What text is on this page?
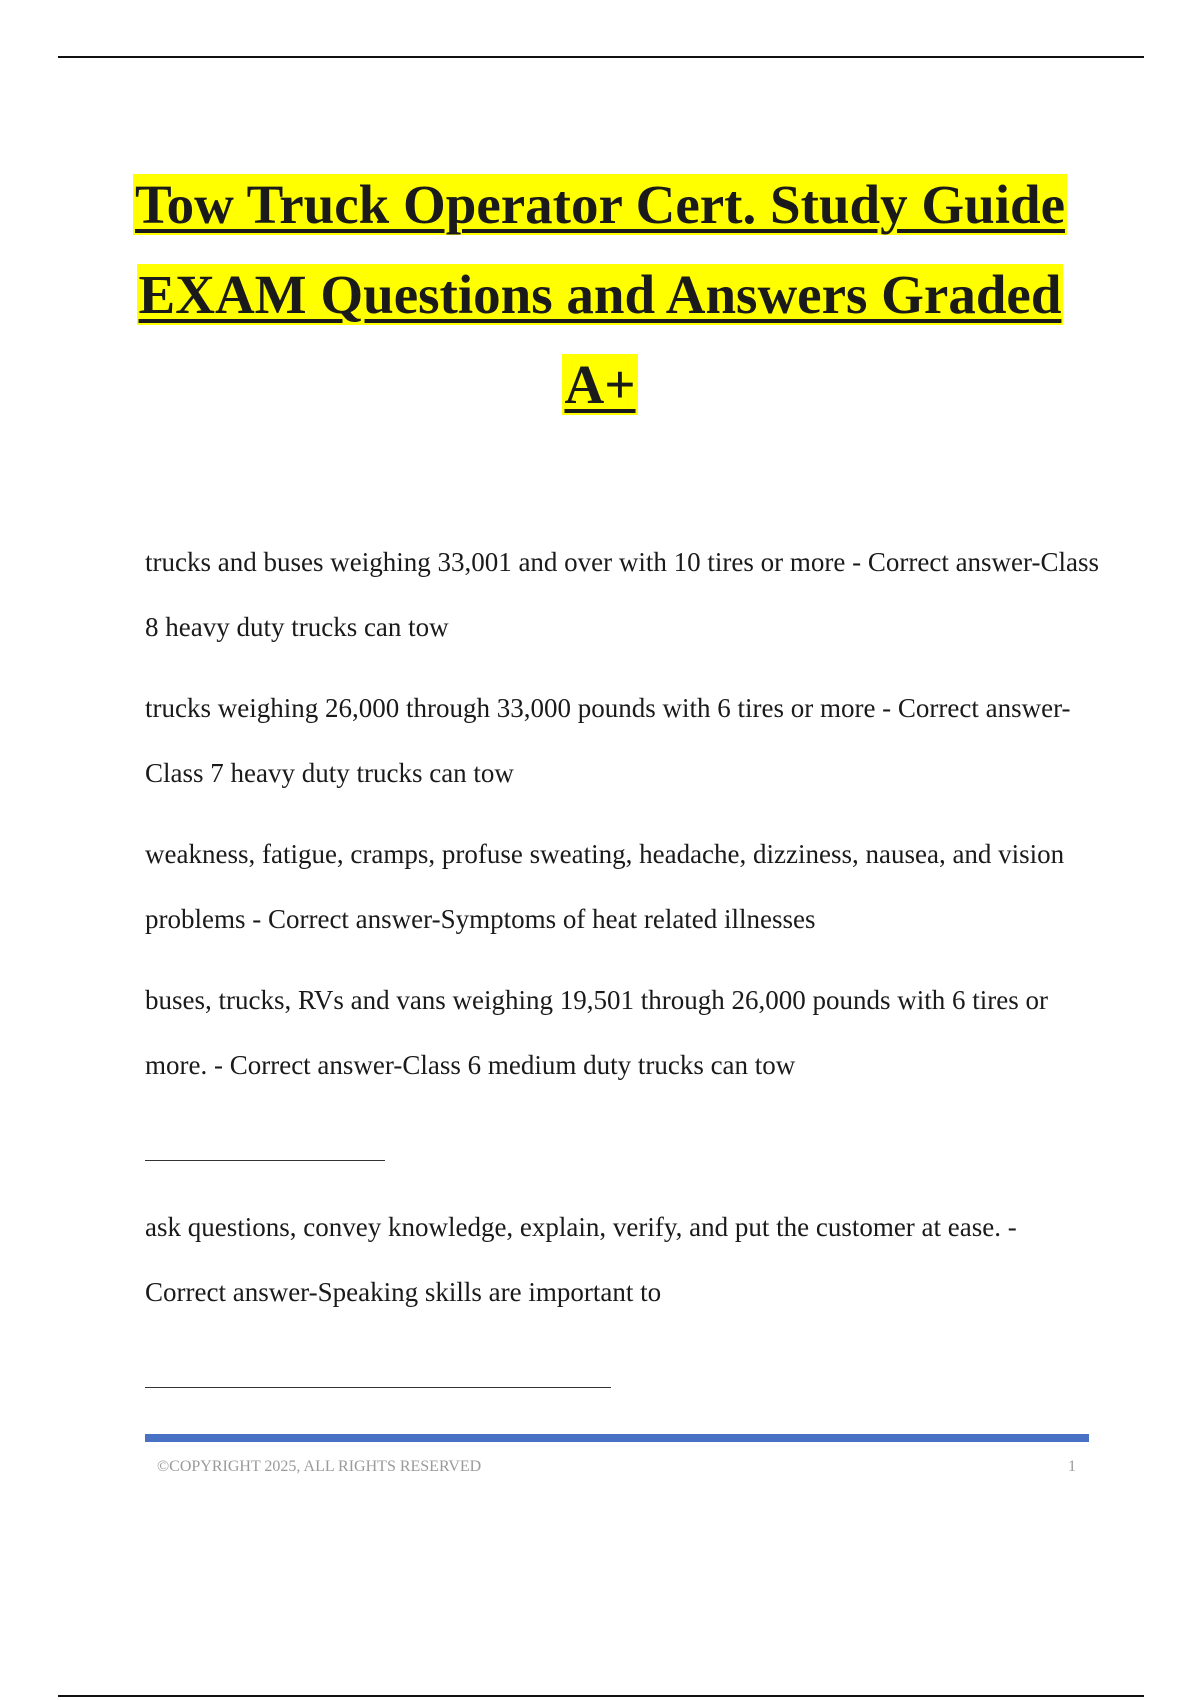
Tow Truck Operator Cert. Study Guide
EXAM Questions and Answers Graded
A+

trucks and buses weighing 33,001 and over with 10 tires or more - Correct answer-Class 8 heavy duty trucks can tow

trucks weighing 26,000 through 33,000 pounds with 6 tires or more - Correct answer-Class 7 heavy duty trucks can tow

weakness, fatigue, cramps, profuse sweating, headache, dizziness, nausea, and vision problems - Correct answer-Symptoms of heat related illnesses

buses, trucks, RVs and vans weighing 19,501 through 26,000 pounds with 6 tires or more. - Correct answer-Class 6 medium duty trucks can tow

ask questions, convey knowledge, explain, verify, and put the customer at ease. - Correct answer-Speaking skills are important to

©COPYRIGHT 2025, ALL RIGHTS RESERVED	1
